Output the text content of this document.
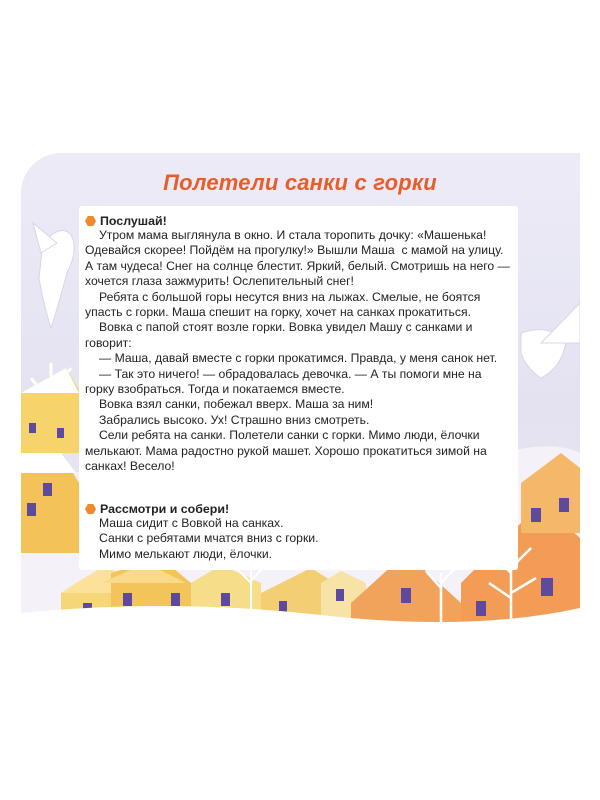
Полетели санки с горки
Послушай!

Утром мама выглянула в окно. И стала торопить дочку: «Машенька! Одевайся скорее! Пойдём на прогулку!» Вышли Маша  с мамой на улицу. А там чудеса! Снег на солнце блестит. Яркий, белый. Смотришь на него — хочется глаза зажмурить! Ослепительный снег!

Ребята с большой горы несутся вниз на лыжах. Смелые, не боятся упасть с горки. Маша спешит на горку, хочет на санках прокатиться.

Вовка с папой стоят возле горки. Вовка увидел Машу с санками и говорит:

— Маша, давай вместе с горки прокатимся. Правда, у меня санок нет.

— Так это ничего! — обрадовалась девочка. — А ты помоги мне на горку взобраться. Тогда и покатаемся вместе.

Вовка взял санки, побежал вверх. Маша за ним!

Забрались высоко. Ух! Страшно вниз смотреть.

Сели ребята на санки. Полетели санки с горки. Мимо люди, ёлочки мелькают. Мама радостно рукой машет. Хорошо прокатиться зимой на санках! Весело!

Рассмотри и собери!

Маша сидит с Вовкой на санках.

Санки с ребятами мчатся вниз с горки.

Мимо мелькают люди, ёлочки.
